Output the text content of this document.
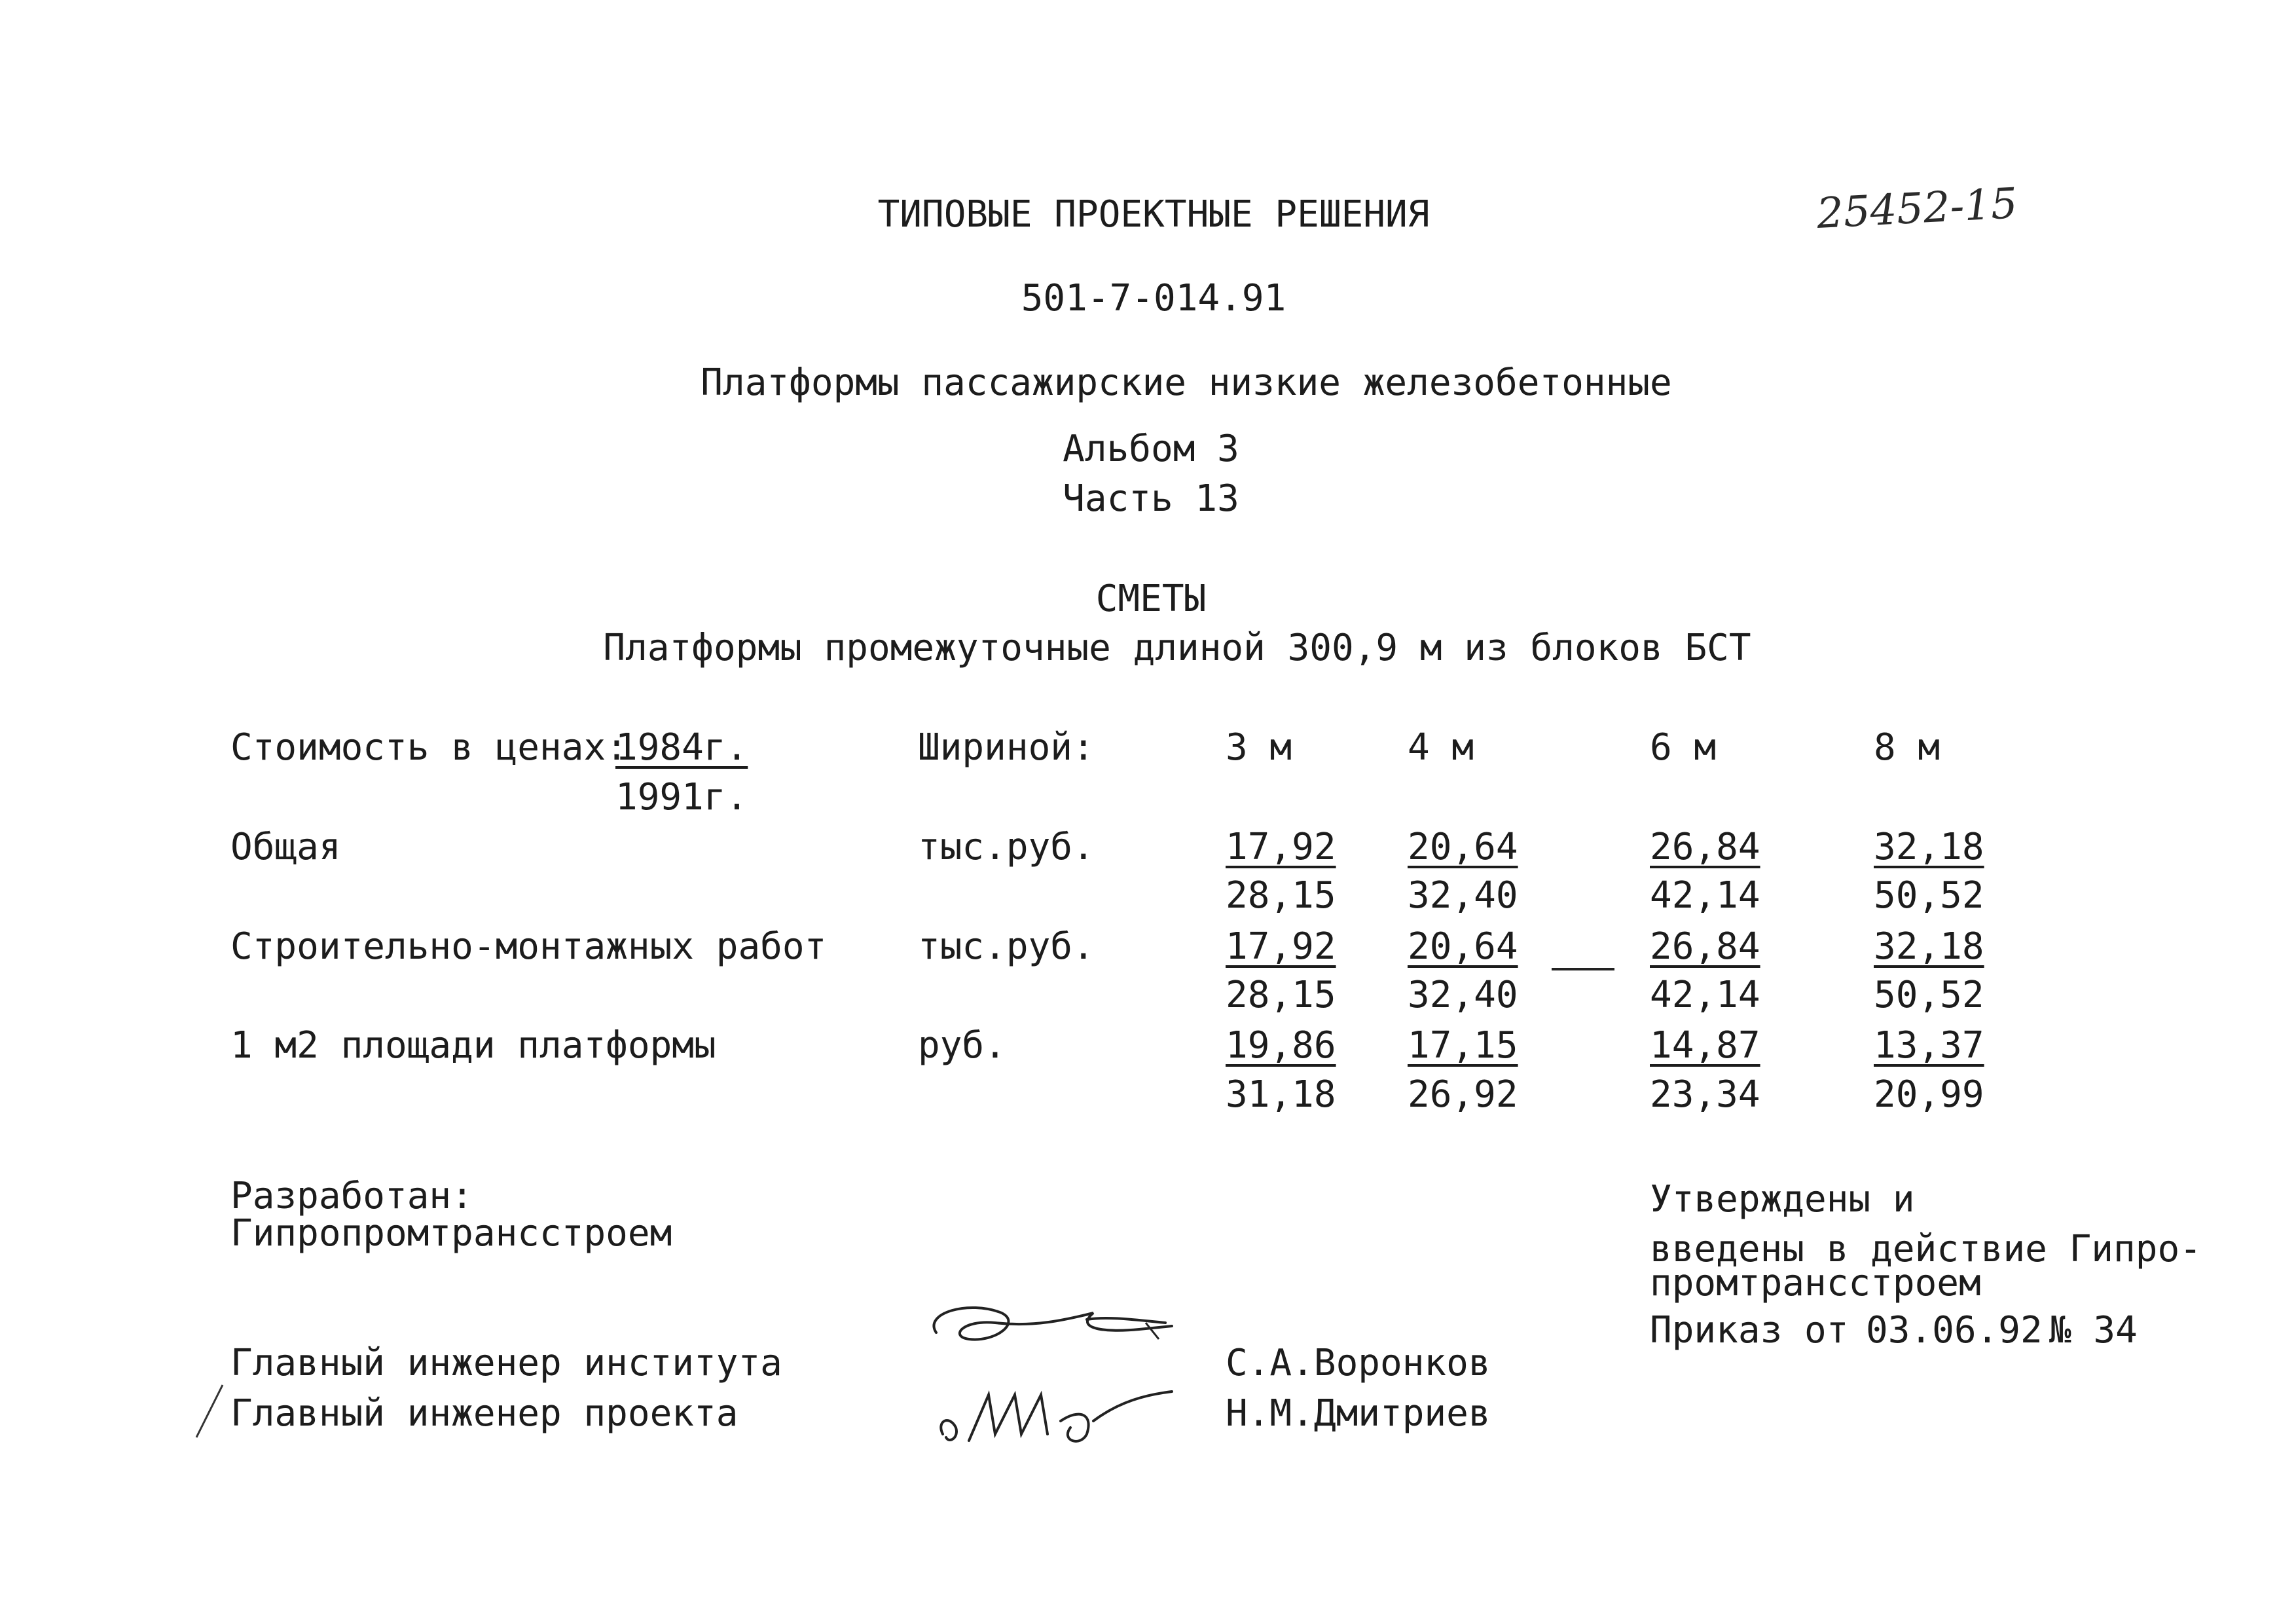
ТИПОВЫЕ ПРОЕКТНЫЕ РЕШЕНИЯ	25452-15
501-7-014.91
Платформы пассажирские низкие железобетонные
Альбом 3
Часть 13
СМЕТЫ
Платформы промежуточные длиной 300,9 м из блоков БСТ
Стоимость в ценах:
1984г.
1991г.
Шириной:	3 м	4 м	6 м	8 м
Общая	тыс.руб.	17,92 20,64	26,84	32,18
28,15 32,40	42,14	50,52
Строительно-монтажных работ тыс.руб.	17,92 20,64	26,84	32,18
28,15 32,40	42,14	50,52
1 м2 площади платформы	руб.	19,86 17,15	14,87	13,37
31,18 26,92	23,34	20,99
Разработан:
Гипропромтрансстроем
Утверждены и
введены в действие Гипро-
промтрансстроем
Приказ от 03.06.92 № 34
Главный инженер института	С.А.Воронков
Главный инженер проекта	Н.М.Дмитриев
